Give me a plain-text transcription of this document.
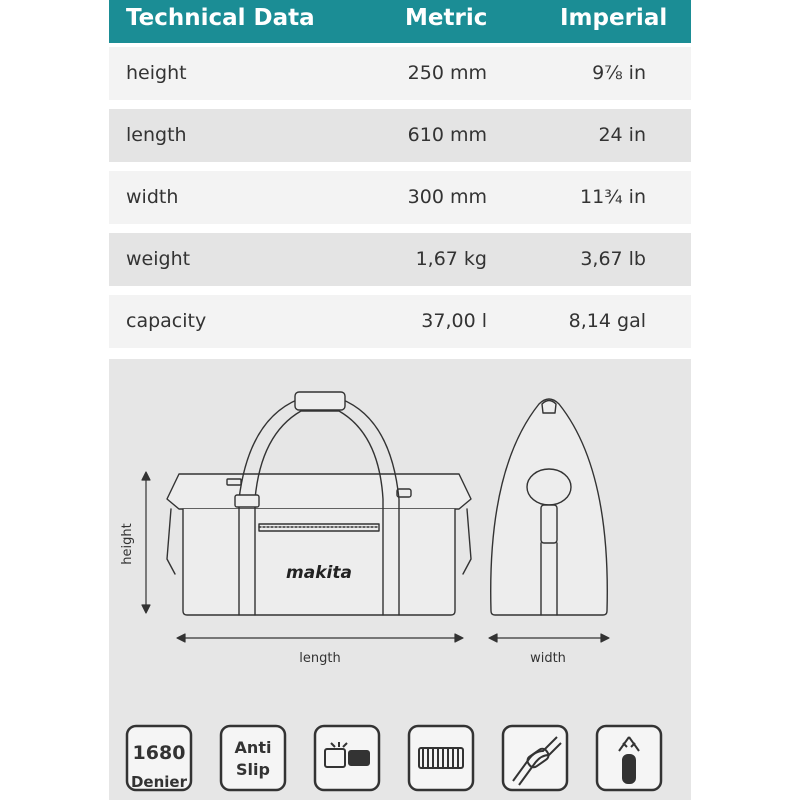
Technical Data	Metric	Imperial
height	250 mm	9⅞ in
length	610 mm	24 in
width	300 mm	11¾ in
weight	1,67 kg	3,67 lb
capacity	37,00 l	8,14 gal
makita
height
length	width
1680
Denier
Anti
Slip
